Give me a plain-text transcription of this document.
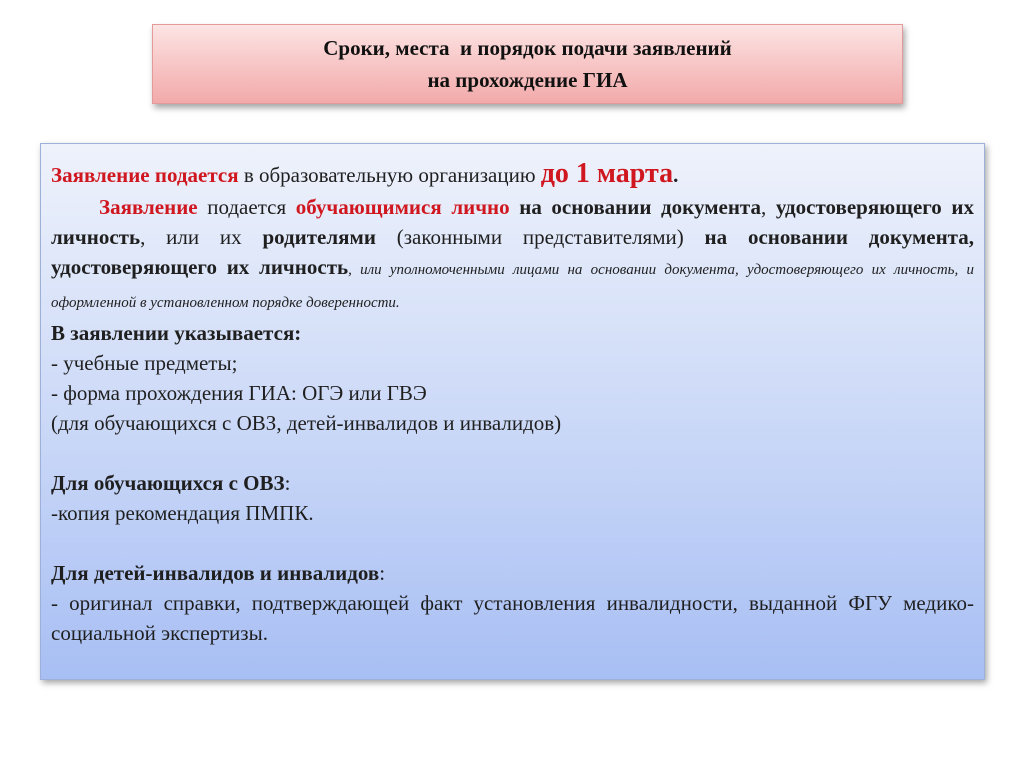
Сроки, места  и порядок подачи заявлений
на прохождение ГИА

Заявление подается в образовательную организацию до 1 марта.

Заявление подается обучающимися лично на основании документа, удостоверяющего их личность, или их родителями (законными представителями) на основании документа, удостоверяющего их личность, или уполномоченными лицами на основании документа, удостоверяющего их личность, и оформленной в установленном порядке доверенности.

В заявлении указывается:

- учебные предметы;

- форма прохождения ГИА: ОГЭ или ГВЭ

(для обучающихся с ОВЗ, детей-инвалидов и инвалидов)

Для обучающихся с ОВЗ:

-копия рекомендация ПМПК.

Для детей-инвалидов и инвалидов:

- оригинал справки, подтверждающей факт установления инвалидности, выданной ФГУ медико-социальной экспертизы.
